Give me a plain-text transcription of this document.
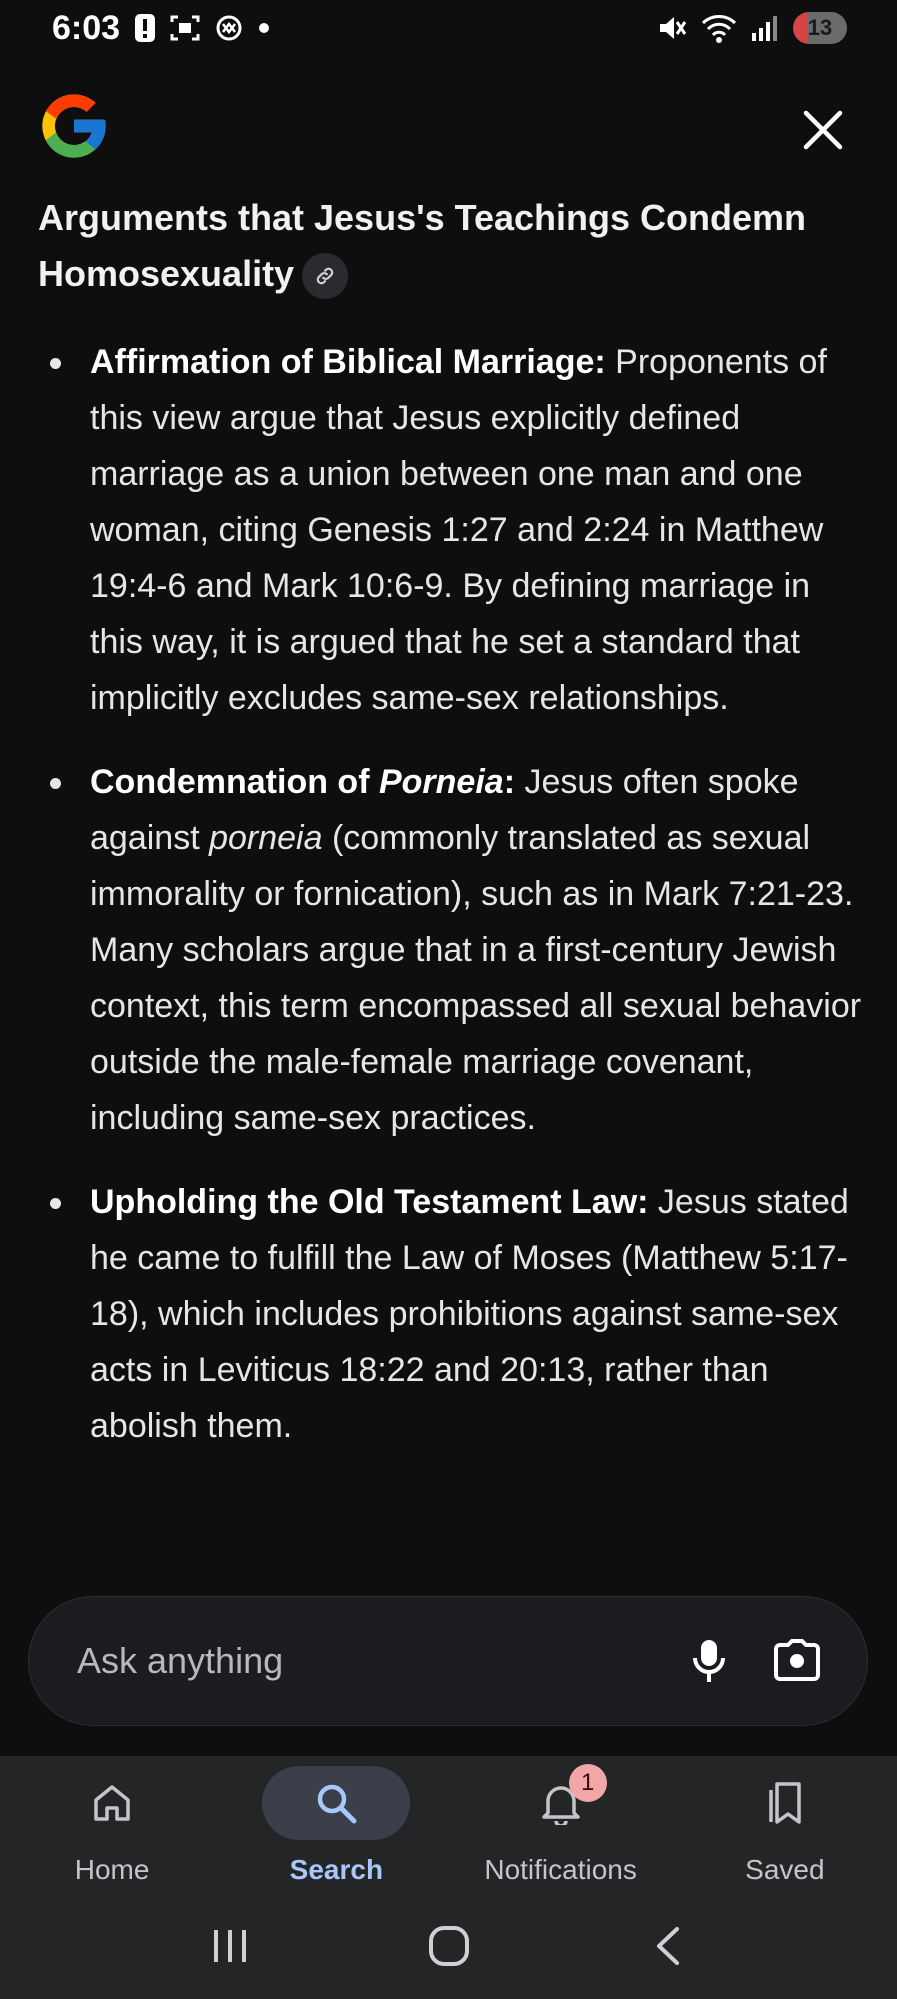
6:03	13
Arguments that Jesus's Teachings Condemn Homosexuality
Affirmation of Biblical Marriage: Proponents of this view argue that Jesus explicitly defined marriage as a union between one man and one woman, citing Genesis 1:27 and 2:24 in Matthew 19:4-6 and Mark 10:6-9. By defining marriage in this way, it is argued that he set a standard that implicitly excludes same-sex relationships.
Condemnation of Porneia: Jesus often spoke against porneia (commonly translated as sexual immorality or fornication), such as in Mark 7:21-23. Many scholars argue that in a first-century Jewish context, this term encompassed all sexual behavior outside the male-female marriage covenant, including same-sex practices.
Upholding the Old Testament Law: Jesus stated he came to fulfill the Law of Moses (Matthew 5:17-18), which includes prohibitions against same-sex acts in Leviticus 18:22 and 20:13, rather than abolish them.
Ask anything
Home	Search
1
Notifications	Saved
